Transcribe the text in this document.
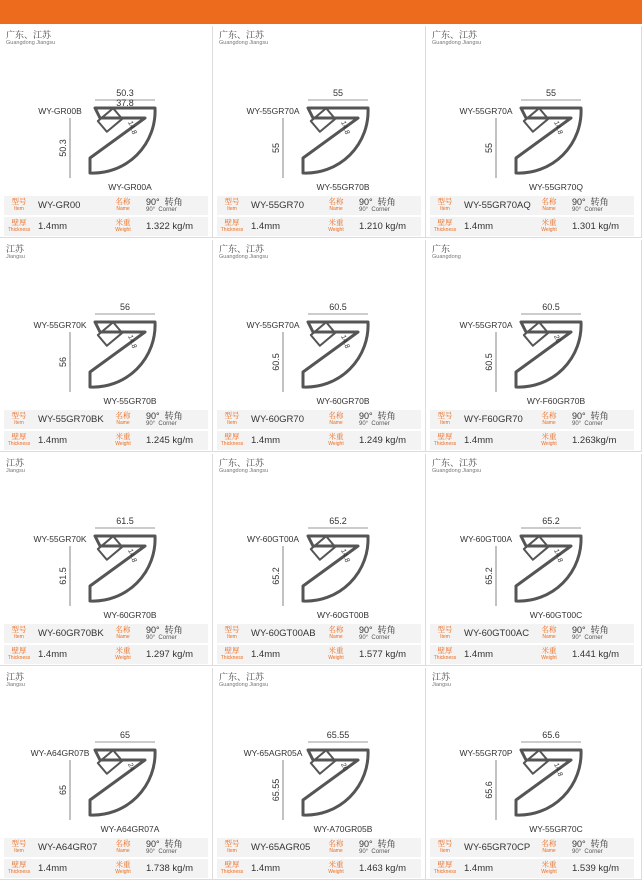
广东、江苏
Guangdong Jiangsu
50.3
37.8
50.3
14.8
WY-GR00B
WY-GR00A
型号
Item	WY-GR00	名称
Name
90° 转角
90° Corner
壁厚
Thickness 1.4mm	米重
Weight	1.322 kg/m
广东、江苏
Guangdong Jiangsu
55
55
14.8
WY-55GR70A
WY-55GR70B
型号
Item	WY-55GR70	名称
Name
90° 转角
90° Corner
壁厚
Thickness 1.4mm	米重
Weight	1.210 kg/m
广东、江苏
Guangdong Jiangsu
55
55
14.8
WY-55GR70A
WY-55GR70Q
型号
Item	WY-55GR70AQ	名称
Name
90° 转角
90° Corner
壁厚
Thickness 1.4mm	米重
Weight	1.301 kg/m
江苏
Jiangsu
56
56
14.8
WY-55GR70K
WY-55GR70B
型号
Item	WY-55GR70BK	名称
Name
90° 转角
90° Corner
壁厚
Thickness 1.4mm	米重
Weight	1.245 kg/m
广东、江苏
Guangdong Jiangsu
60.5
60.5
14.8
WY-55GR70A
WY-60GR70B
型号
Item	WY-60GR70	名称
Name
90° 转角
90° Corner
壁厚
Thickness 1.4mm	米重
Weight	1.249 kg/m
广东
Guangdong
60.5
60.5
20
WY-55GR70A
WY-F60GR70B
型号
Item	WY-F60GR70	名称
Name
90° 转角
90° Corner
壁厚
Thickness 1.4mm	米重
Weight	1.263kg/m
江苏
Jiangsu
61.5
61.5
14.8
WY-55GR70K
WY-60GR70B
型号
Item	WY-60GR70BK	名称
Name
90° 转角
90° Corner
壁厚
Thickness 1.4mm	米重
Weight	1.297 kg/m
广东、江苏
Guangdong Jiangsu
65.2
65.2
14.8
WY-60GT00A
WY-60GT00B
型号
Item	WY-60GT00AB	名称
Name
90° 转角
90° Corner
壁厚
Thickness 1.4mm	米重
Weight	1.577 kg/m
广东、江苏
Guangdong Jiangsu
65.2
65.2
14.8
WY-60GT00A
WY-60GT00C
型号
Item	WY-60GT00AC	名称
Name
90° 转角
90° Corner
壁厚
Thickness 1.4mm	米重
Weight	1.441 kg/m
江苏
Jiangsu
65
65
24
WY-A64GR07B
WY-A64GR07A
型号
Item	WY-A64GR07	名称
Name
90° 转角
90° Corner
壁厚
Thickness 1.4mm	米重
Weight	1.738 kg/m
广东、江苏
Guangdong Jiangsu
65.55
65.55
20
WY-65AGR05A
WY-A70GR05B
型号
Item	WY-65AGR05	名称
Name
90° 转角
90° Corner
壁厚
Thickness 1.4mm	米重
Weight	1.463 kg/m
江苏
Jiangsu
65.6
65.6
14.8
WY-55GR70P
WY-55GR70C
型号
Item	WY-65GR70CP	名称
Name
90° 转角
90° Corner
壁厚
Thickness 1.4mm	米重
Weight	1.539 kg/m
